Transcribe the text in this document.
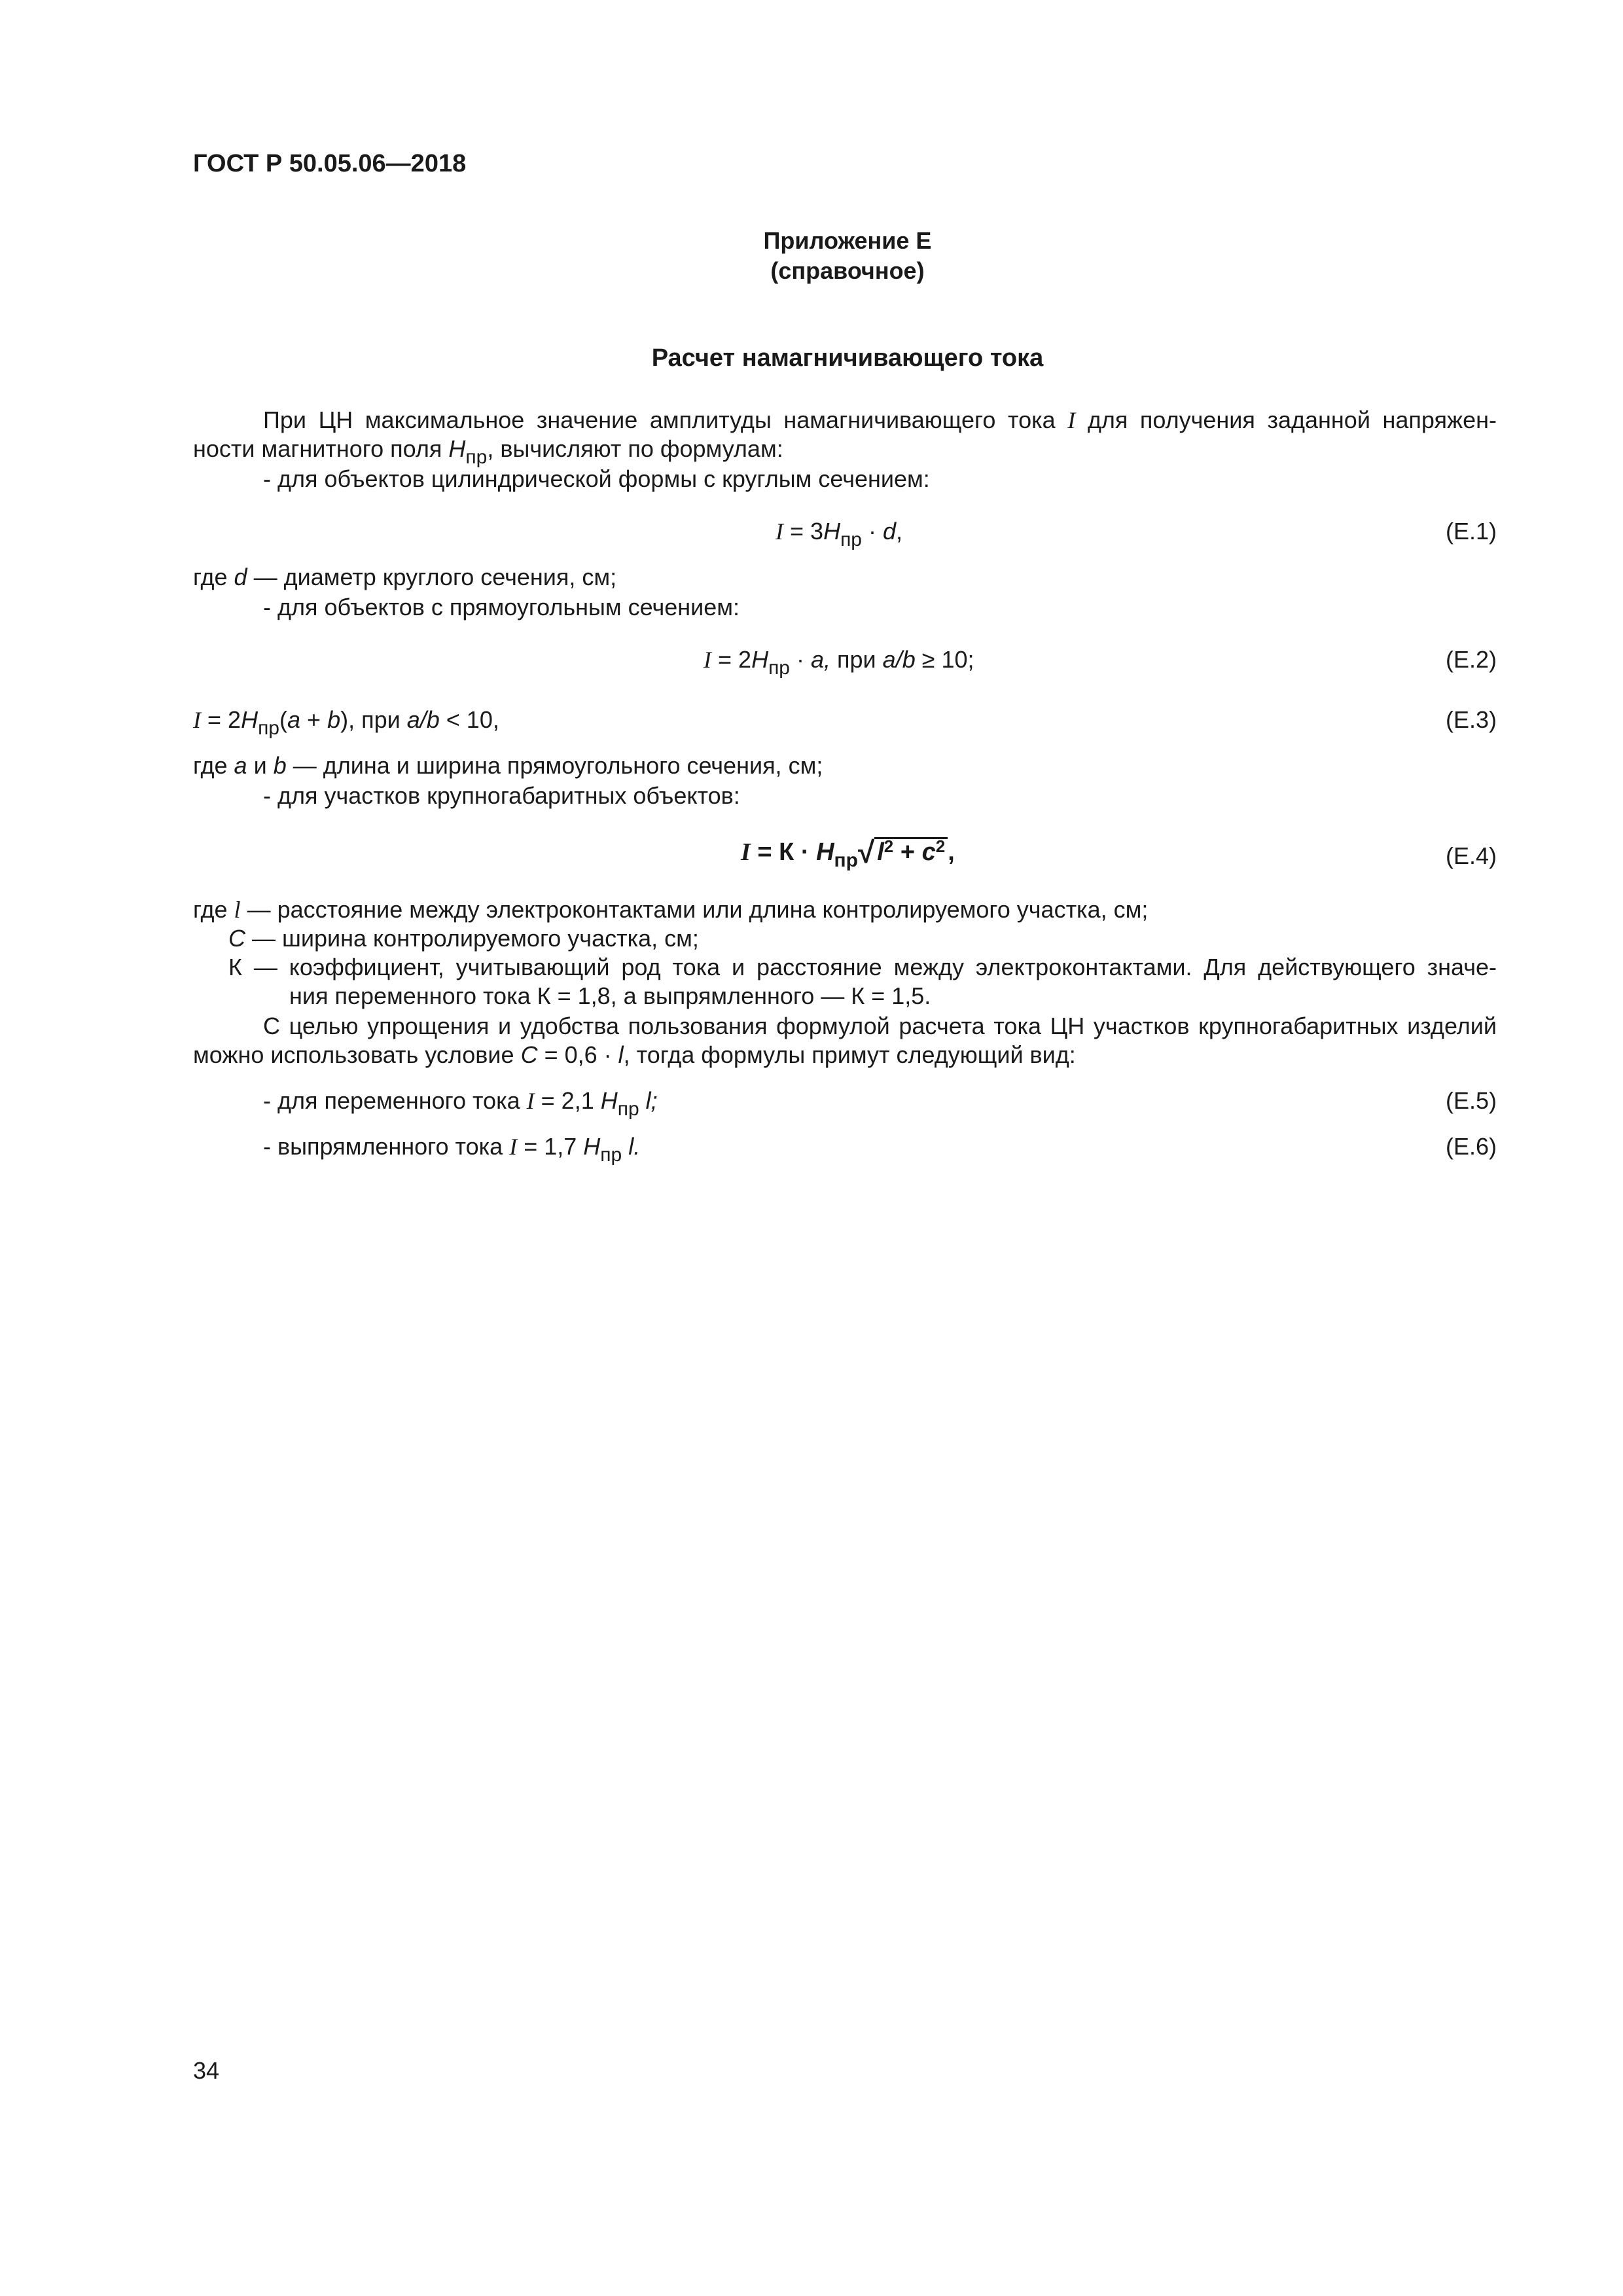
ГОСТ Р 50.05.06—2018
Приложение Е
(справочное)
Расчет намагничивающего тока
При ЦН максимальное значение амплитуды намагничивающего тока I для получения заданной напряжен-
ности магнитного поля $H_{пр}$, вычисляют по формулам:
- для объектов цилиндрической формы с круглым сечением:
$I = 3H_{пр} \cdot d$,	(Е.1)
где d — диаметр круглого сечения, см;
- для объектов с прямоугольным сечением:
$I = 2H_{пр} \cdot a$, при a/b ≥ 10;	(Е.2)
$I = 2H_{пр}(a + b)$, при a/b < 10,	(Е.3)
где a и b — длина и ширина прямоугольного сечения, см;
- для участков крупногабаритных объектов:
$I = К \cdot H_{пр}√$ $l^2 + c^2$ ,	(Е.4)
где l — расстояние между электроконтактами или длина контролируемого участка, см;
C — ширина контролируемого участка, см;
К — коэффициент, учитывающий род тока и расстояние между электроконтактами. Для действующего значе-
ния переменного тока К = 1,8, а выпрямленного — К = 1,5.
С целью упрощения и удобства пользования формулой расчета тока ЦН участков крупногабаритных изделий
можно использовать условие C = 0,6 · l, тогда формулы примут следующий вид:
- для переменного тока I = 2,1 $H_{пр}$ l;	(Е.5)
- выпрямленного тока I = 1,7 $H_{пр}$ l.	(Е.6)
34
